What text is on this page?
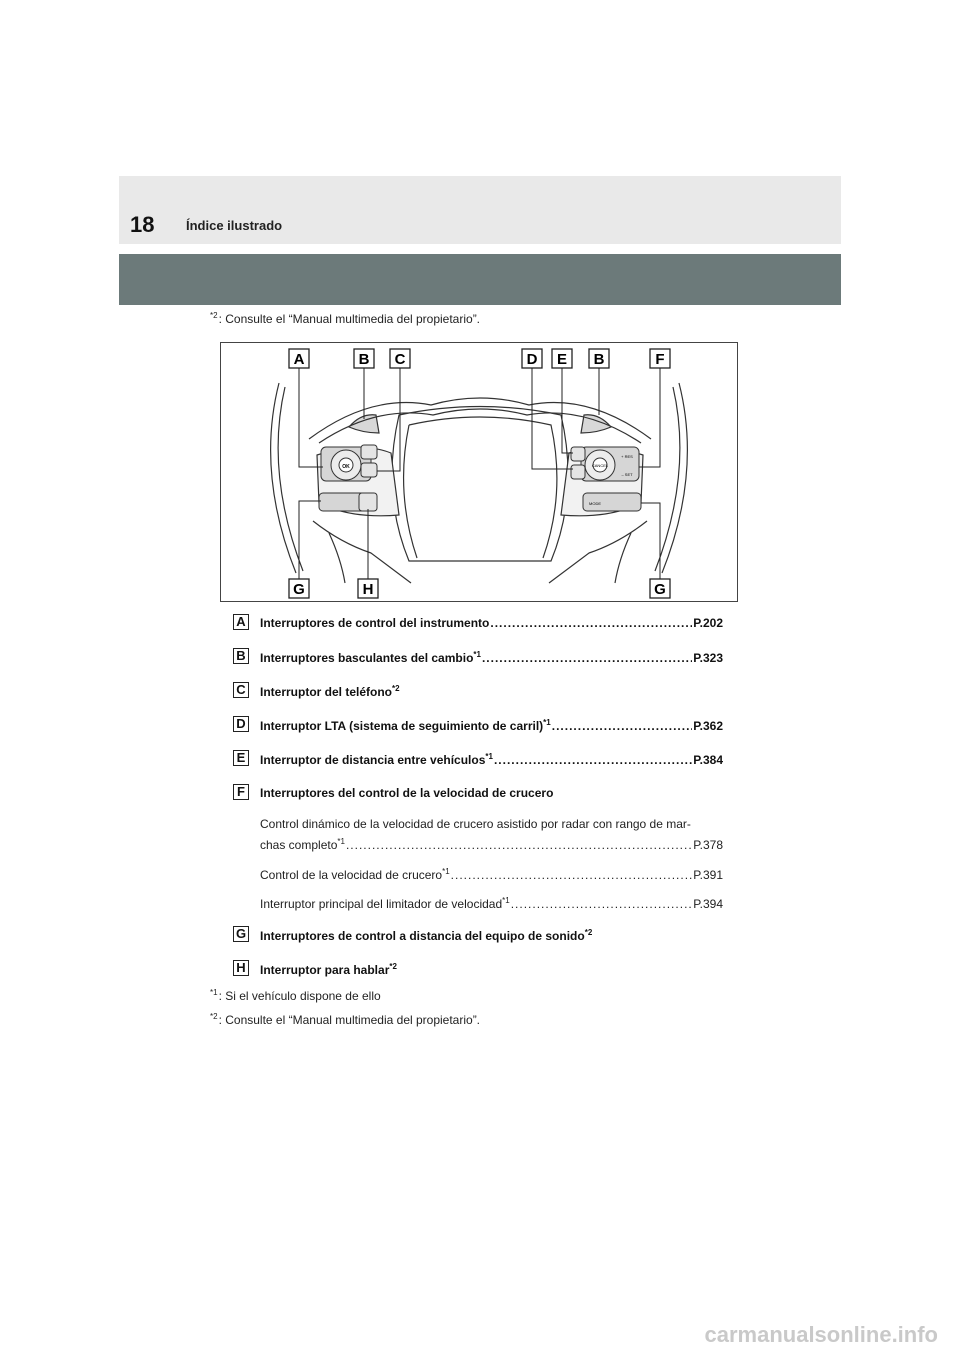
18 Índice ilustrado
$^{*2}$: Consulte el “Manual multimedia del propietario”.
OK	CANCEL
+ RES
– SET
MODE
A	B C	D E B	F
G	H	G
A Interruptores de control del instrumento .....	P.202
B Interruptores basculantes del cambio$^{*1}$ .....	P.323
C Interruptor del teléfono$^{*2}$
D Interruptor LTA (sistema de seguimiento de carril)$^{*1}$ .....	P.362
E	Interruptor de distancia entre vehículos$^{*1}$ .....	P.384
F	Interruptores del control de la velocidad de crucero
Control dinámico de la velocidad de crucero asistido por radar con rango de mar-
chas completo$^{*1}$ .....	P.378
Control de la velocidad de crucero$^{*1}$ .....	P.391
Interruptor principal del limitador de velocidad$^{*1}$ .....	P.394
G Interruptores de control a distancia del equipo de sonido$^{*2}$
H Interruptor para hablar$^{*2}$
$^{*1}$: Si el vehículo dispone de ello
$^{*2}$: Consulte el “Manual multimedia del propietario”.
carmanualsonline.info
